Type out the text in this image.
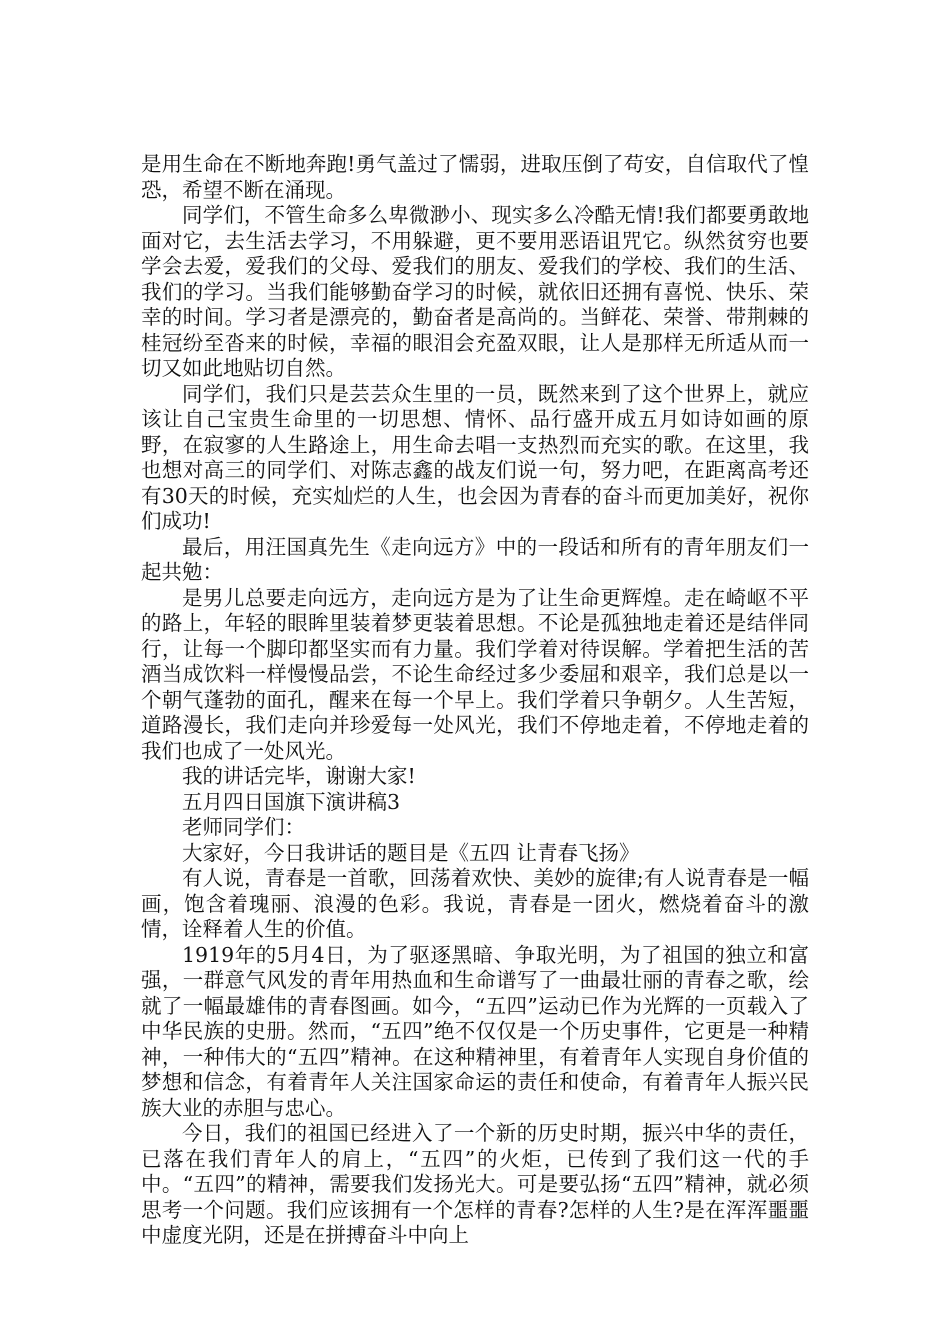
是用生命在不断地奔跑!勇气盖过了懦弱，进取压倒了苟安，自信取代了惶恐，希望不断在涌现。

同学们，不管生命多么卑微渺小、现实多么冷酷无情!我们都要勇敢地面对它，去生活去学习，不用躲避，更不要用恶语诅咒它。纵然贫穷也要学会去爱，爱我们的父母、爱我们的朋友、爱我们的学校、我们的生活、我们的学习。当我们能够勤奋学习的时候，就依旧还拥有喜悦、快乐、荣幸的时间。学习者是漂亮的，勤奋者是高尚的。当鲜花、荣誉、带荆棘的桂冠纷至沓来的时候，幸福的眼泪会充盈双眼，让人是那样无所适从而一切又如此地贴切自然。

同学们，我们只是芸芸众生里的一员，既然来到了这个世界上，就应该让自己宝贵生命里的一切思想、情怀、品行盛开成五月如诗如画的原野，在寂寥的人生路途上，用生命去唱一支热烈而充实的歌。在这里，我也想对高三的同学们、对陈志鑫的战友们说一句，努力吧，在距离高考还有30天的时候，充实灿烂的人生，也会因为青春的奋斗而更加美好，祝你们成功!

最后，用汪国真先生《走向远方》中的一段话和所有的青年朋友们一起共勉：

是男儿总要走向远方，走向远方是为了让生命更辉煌。走在崎岖不平的路上，年轻的眼眸里装着梦更装着思想。不论是孤独地走着还是结伴同行，让每一个脚印都坚实而有力量。我们学着对待误解。学着把生活的苦酒当成饮料一样慢慢品尝，不论生命经过多少委屈和艰辛，我们总是以一个朝气蓬勃的面孔，醒来在每一个早上。我们学着只争朝夕。人生苦短，道路漫长，我们走向并珍爱每一处风光，我们不停地走着，不停地走着的我们也成了一处风光。

我的讲话完毕，谢谢大家!

五月四日国旗下演讲稿3

老师同学们：

大家好，今日我讲话的题目是《五四 让青春飞扬》

有人说，青春是一首歌，回荡着欢快、美妙的旋律;有人说青春是一幅画，饱含着瑰丽、浪漫的色彩。我说，青春是一团火，燃烧着奋斗的激情，诠释着人生的价值。

1919年的5月4日，为了驱逐黑暗、争取光明，为了祖国的独立和富强，一群意气风发的青年用热血和生命谱写了一曲最壮丽的青春之歌，绘就了一幅最雄伟的青春图画。如今，“五四”运动已作为光辉的一页载入了中华民族的史册。然而，“五四”绝不仅仅是一个历史事件，它更是一种精神，一种伟大的“五四”精神。在这种精神里，有着青年人实现自身价值的梦想和信念，有着青年人关注国家命运的责任和使命，有着青年人振兴民族大业的赤胆与忠心。

今日，我们的祖国已经进入了一个新的历史时期，振兴中华的责任，已落在我们青年人的肩上，“五四”的火炬，已传到了我们这一代的手中。“五四”的精神，需要我们发扬光大。可是要弘扬“五四”精神，就必须思考一个问题。我们应该拥有一个怎样的青春?怎样的人生?是在浑浑噩噩中虚度光阴，还是在拼搏奋斗中向上
